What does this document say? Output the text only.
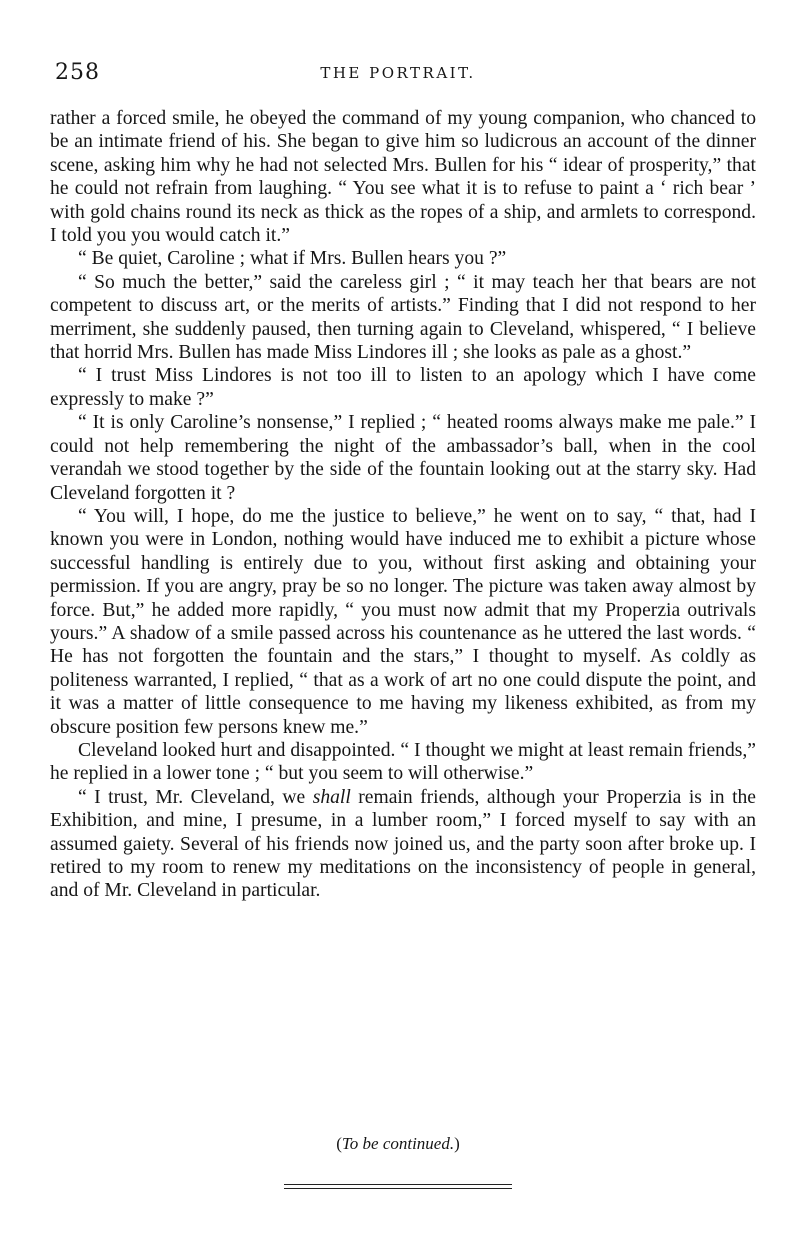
258	THE PORTRAIT.

rather a forced smile, he obeyed the command of my young companion, who chanced to be an intimate friend of his. She began to give him so ludicrous an account of the dinner scene, asking him why he had not selected Mrs. Bullen for his “ idear of prosperity,” that he could not refrain from laughing. “ You see what it is to refuse to paint a ‘ rich bear ’ with gold chains round its neck as thick as the ropes of a ship, and armlets to correspond. I told you you would catch it.”

“ Be quiet, Caroline ; what if Mrs. Bullen hears you ?”

“ So much the better,” said the careless girl ; “ it may teach her that bears are not competent to discuss art, or the merits of artists.” Finding that I did not respond to her merriment, she suddenly paused, then turning again to Cleveland, whispered, “ I believe that horrid Mrs. Bullen has made Miss Lindores ill ; she looks as pale as a ghost.”

“ I trust Miss Lindores is not too ill to listen to an apology which I have come expressly to make ?”

“ It is only Caroline’s nonsense,” I replied ; “ heated rooms always make me pale.” I could not help remembering the night of the ambassador’s ball, when in the cool verandah we stood together by the side of the fountain looking out at the starry sky. Had Cleveland forgotten it ?

“ You will, I hope, do me the justice to believe,” he went on to say, “ that, had I known you were in London, nothing would have induced me to exhibit a picture whose successful handling is entirely due to you, without first asking and obtaining your permission. If you are angry, pray be so no longer. The picture was taken away almost by force. But,” he added more rapidly, “ you must now admit that my Properzia outrivals yours.” A shadow of a smile passed across his countenance as he uttered the last words. “ He has not forgotten the fountain and the stars,” I thought to myself. As coldly as politeness warranted, I replied, “ that as a work of art no one could dispute the point, and it was a matter of little consequence to me having my likeness exhibited, as from my obscure position few persons knew me.”

Cleveland looked hurt and disappointed. “ I thought we might at least remain friends,” he replied in a lower tone ; “ but you seem to will otherwise.”

“ I trust, Mr. Cleveland, we shall remain friends, although your Properzia is in the Exhibition, and mine, I presume, in a lumber room,” I forced myself to say with an assumed gaiety. Several of his friends now joined us, and the party soon after broke up. I retired to my room to renew my meditations on the inconsistency of people in general, and of Mr. Cleveland in particular.

(To be continued.)
